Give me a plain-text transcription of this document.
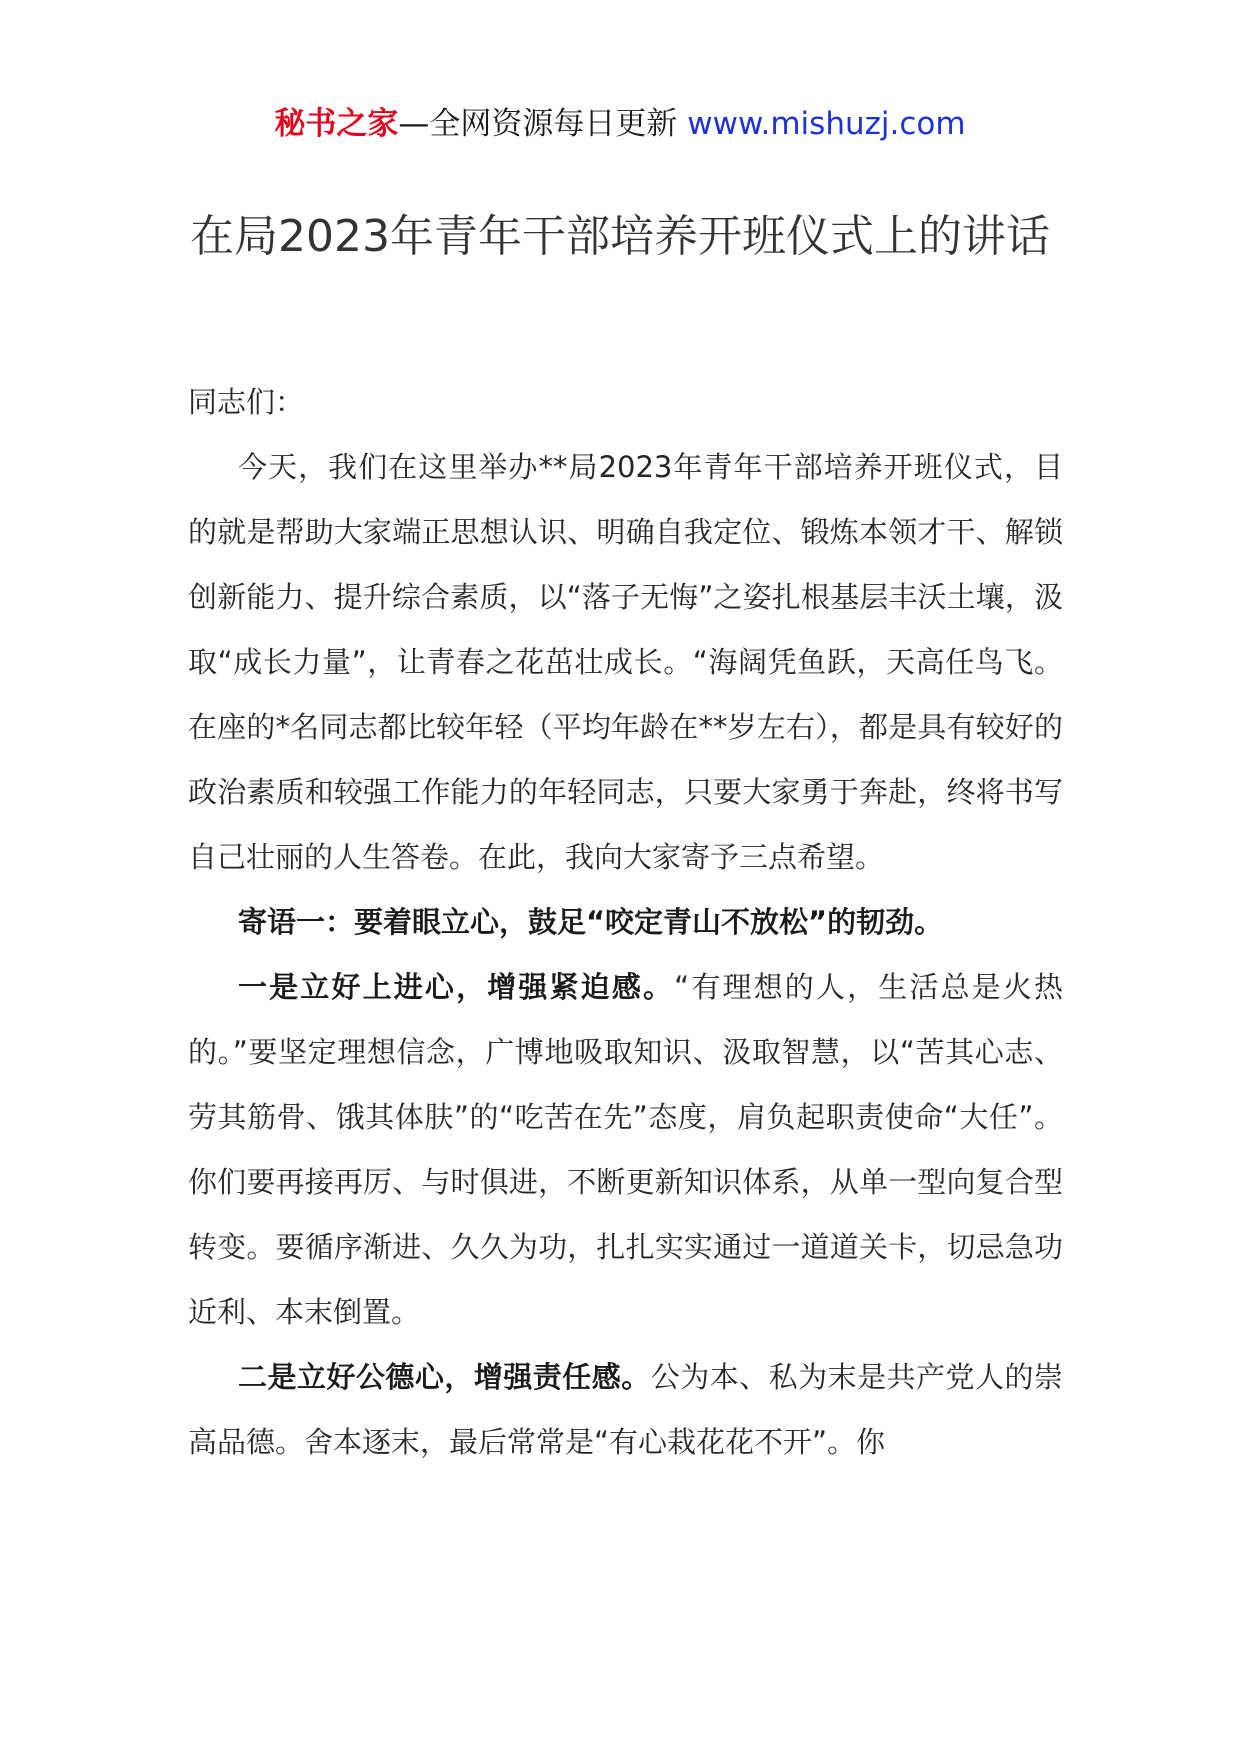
秘书之家—全网资源每日更新 www.mishuzj.com
在局2023年青年干部培养开班仪式上的讲话

同志们：

今天，我们在这里举办**局2023年青年干部培养开班仪式，目的就是帮助大家端正思想认识、明确自我定位、锻炼本领才干、解锁创新能力、提升综合素质，以“落子无悔”之姿扎根基层丰沃土壤，汲取“成长力量”，让青春之花茁壮成长。“海阔凭鱼跃，天高任鸟飞。在座的*名同志都比较年轻（平均年龄在**岁左右），都是具有较好的政治素质和较强工作能力的年轻同志，只要大家勇于奔赴，终将书写自己壮丽的人生答卷。在此，我向大家寄予三点希望。

寄语一：要着眼立心，鼓足“咬定青山不放松”的韧劲。

一是立好上进心，增强紧迫感。“有理想的人，生活总是火热的。”要坚定理想信念，广博地吸取知识、汲取智慧，以“苦其心志、劳其筋骨、饿其体肤”的“吃苦在先”态度，肩负起职责使命“大任”。你们要再接再厉、与时俱进，不断更新知识体系，从单一型向复合型转变。要循序渐进、久久为功，扎扎实实通过一道道关卡，切忌急功近利、本末倒置。

二是立好公德心，增强责任感。公为本、私为末是共产党人的崇高品德。舍本逐末，最后常常是“有心栽花花不开”。你
